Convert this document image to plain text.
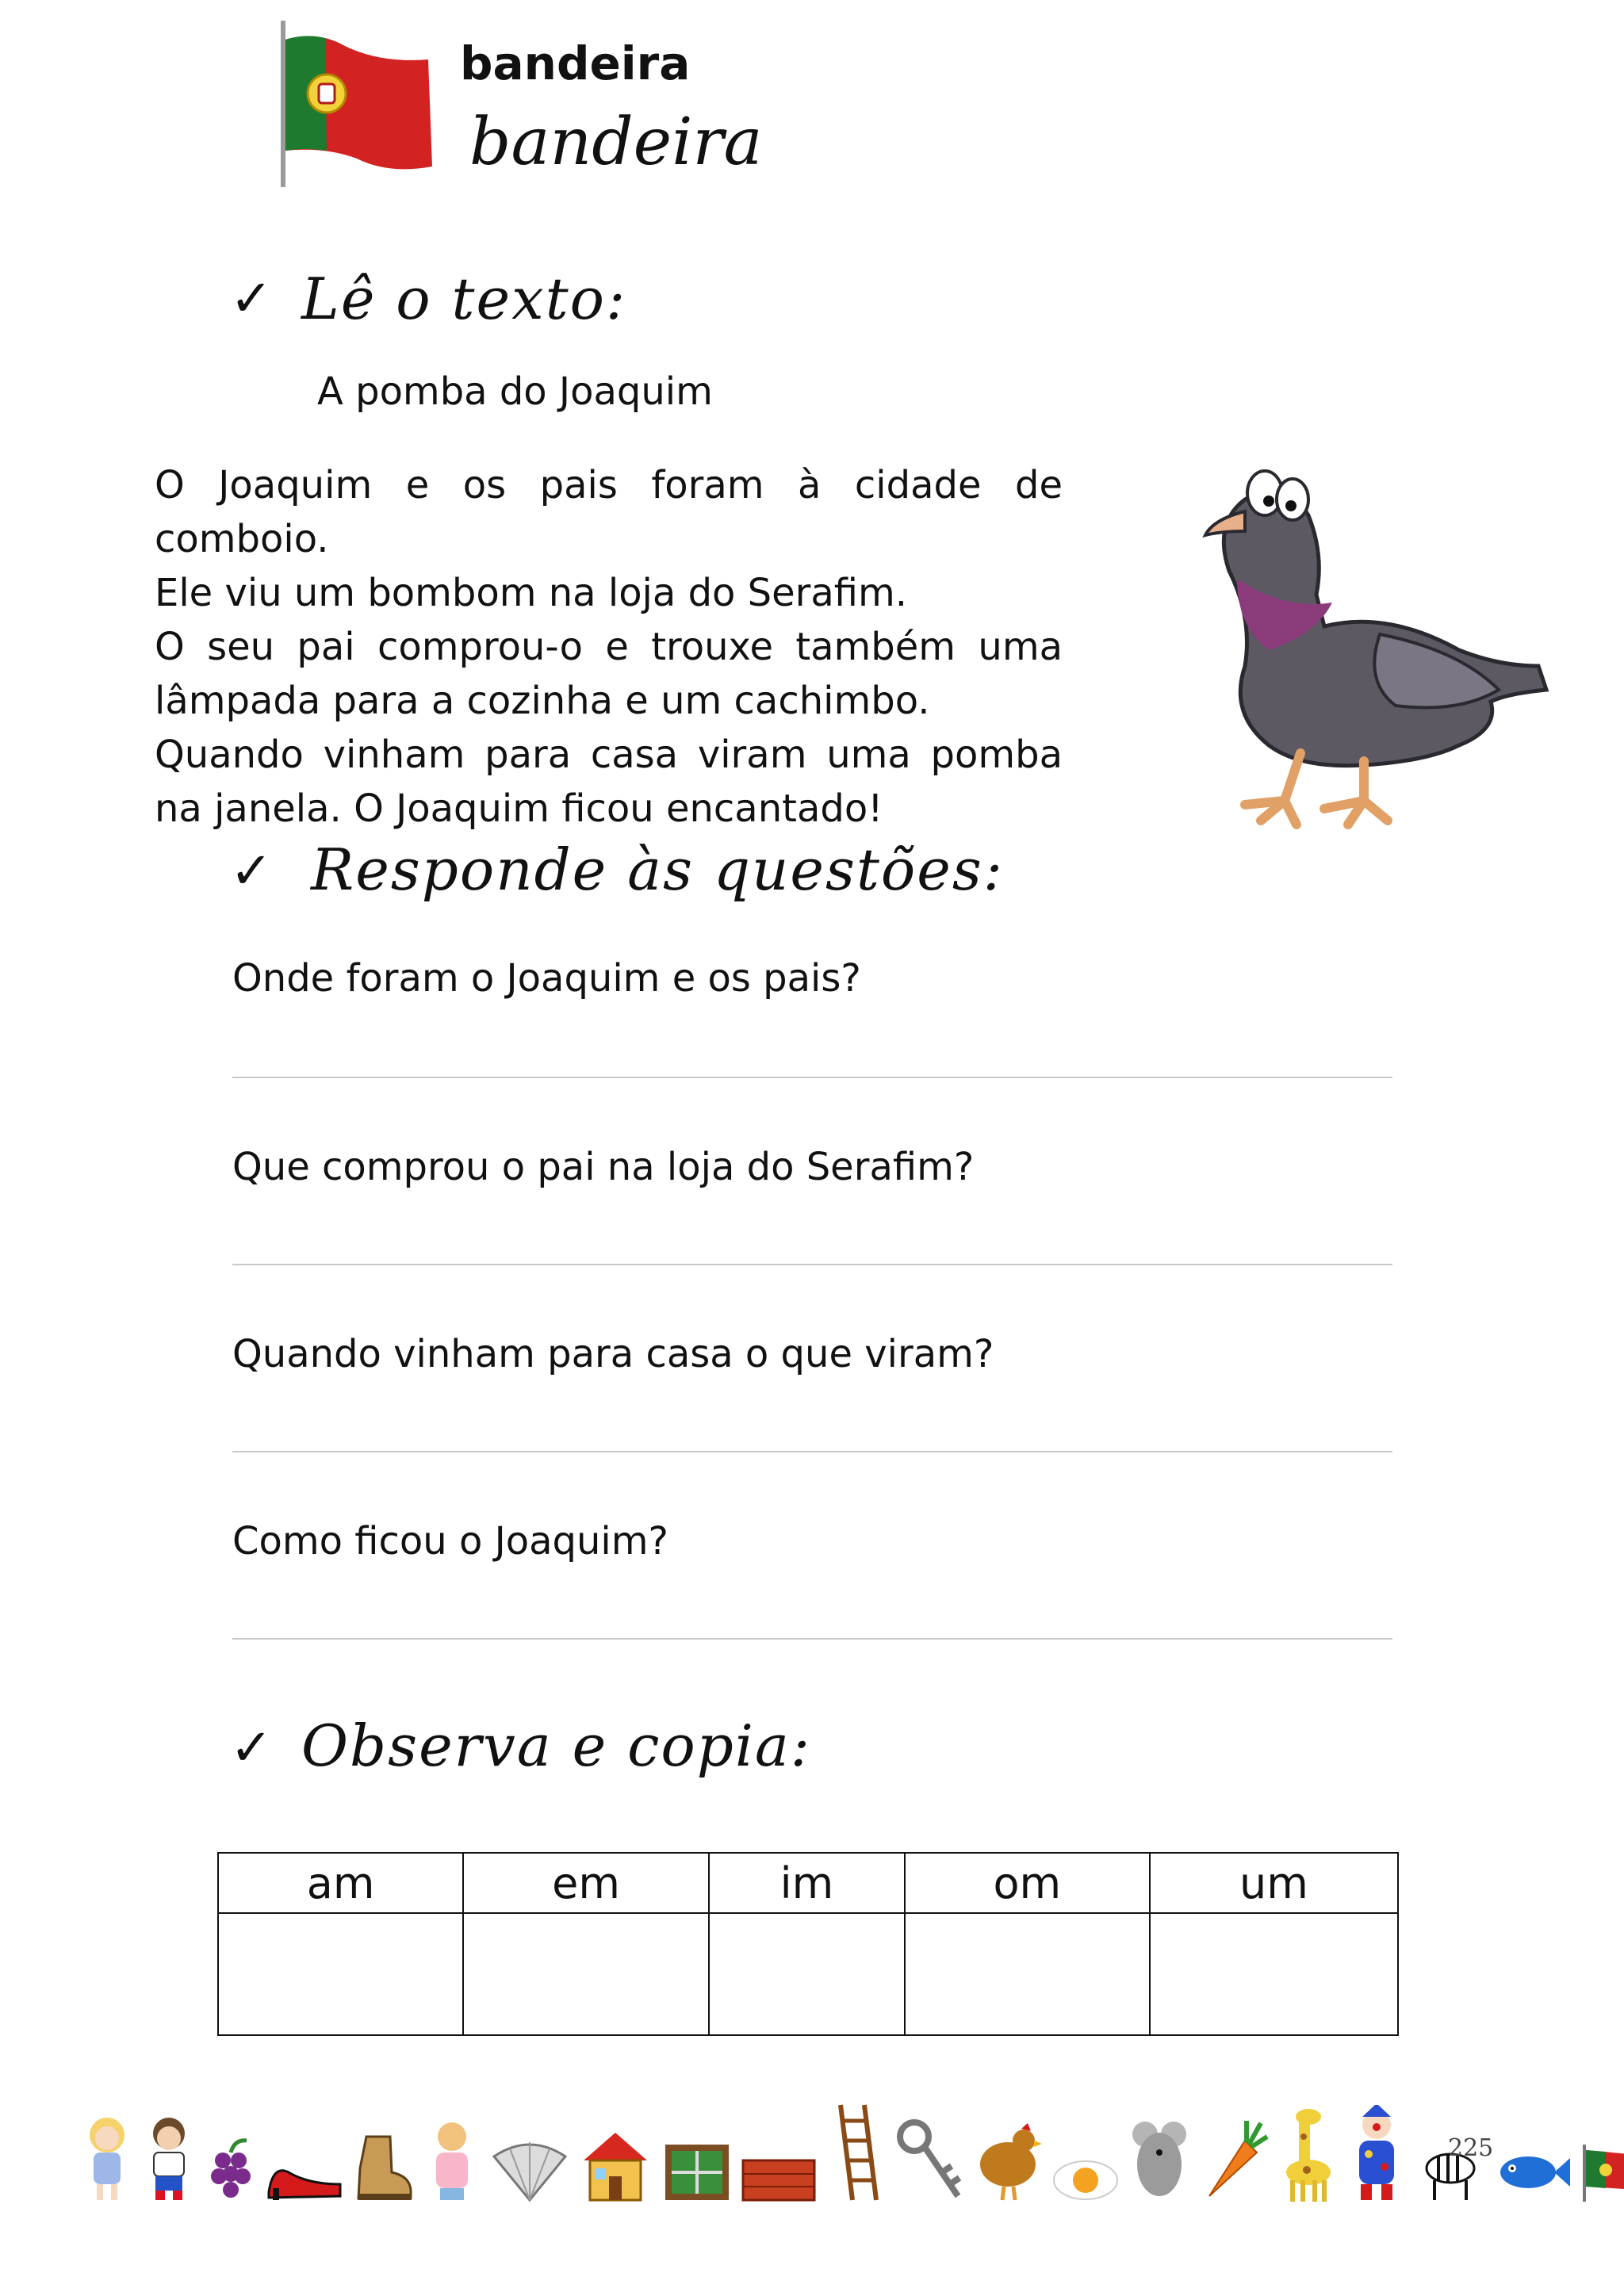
bandeira
bandeira
✓ Lê o texto:
A pomba do Joaquim

O Joaquim e os pais foram à cidade de comboio.

Ele viu um bombom na loja do Serafim.

O seu pai comprou-o e trouxe também uma lâmpada para a cozinha e um cachimbo.

Quando vinham para casa viram uma pomba na janela. O Joaquim ficou encantado!

✓ Responde às questões:
Onde foram o Joaquim e os pais?
Que comprou o pai na loja do Serafim?
Quando vinham para casa o que viram?
Como ficou o Joaquim?
✓ Observa e copia:
am	em	im	om	um

225
